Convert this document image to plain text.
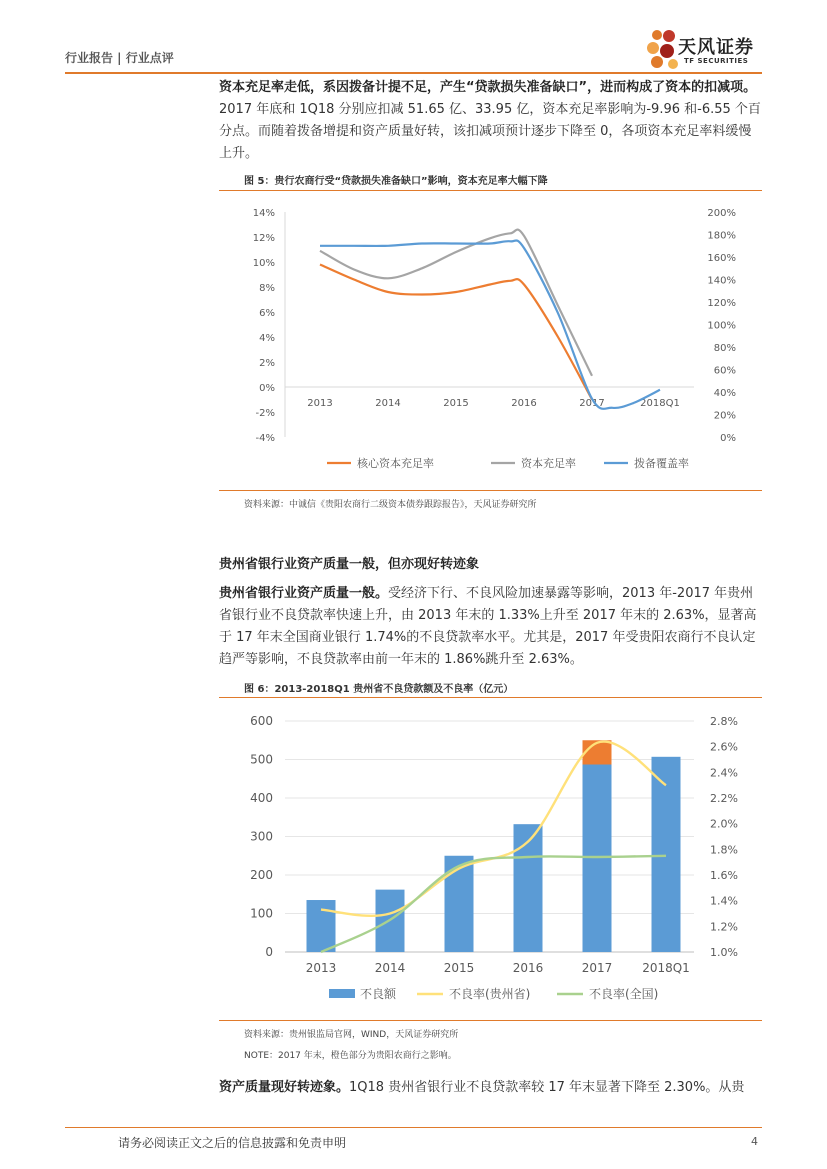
行业报告 | 行业点评	天风证券
TF SECURITIES
资本充足率走低，系因拨备计提不足，产生“贷款损失准备缺口”，进而构成了资本的扣减项。2017 年底和 1Q18 分别应扣减 51.65 亿、33.95 亿，资本充足率影响为-9.96 和-6.55 个百分点。而随着拨备增提和资产质量好转，该扣减项预计逐步下降至 0，各项资本充足率料缓慢上升。
图 5：贵行农商行受“贷款损失准备缺口”影响，资本充足率大幅下降
14%
12%
10%
8%
6%
4%
2%
0%
-2%
-4%
200%
180%
160%
140%
120%
100%
80%
60%
40%
20%
0%
2013	2014	2015	2016	2017	2018Q1
核心资本充足率	资本充足率	拨备覆盖率
资料来源：中诚信《贵阳农商行二级资本债券跟踪报告》，天风证券研究所
贵州省银行业资产质量一般，但亦现好转迹象
贵州省银行业资产质量一般。受经济下行、不良风险加速暴露等影响，2013 年-2017 年贵州省银行业不良贷款率快速上升，由 2013 年末的 1.33%上升至 2017 年末的 2.63%，显著高于 17 年末全国商业银行 1.74%的不良贷款率水平。尤其是，2017 年受贵阳农商行不良认定趋严等影响，不良贷款率由前一年末的 1.86%跳升至 2.63%。
图 6：2013-2018Q1 贵州省不良贷款额及不良率（亿元）
600
500
400
300
200
100
0
2.8%
2.6%
2.4%
2.2%
2.0%
1.8%
1.6%
1.4%
1.2%
1.0%
2013	2014	2015	2016	2017 2018Q1
不良额	不良率(贵州省)	不良率(全国)
资料来源：贵州银监局官网，WIND，天风证券研究所
NOTE：2017 年末，橙色部分为贵阳农商行之影响。
资产质量现好转迹象。1Q18 贵州省银行业不良贷款率较 17 年末显著下降至 2.30%。从贵
请务必阅读正文之后的信息披露和免责申明	4
